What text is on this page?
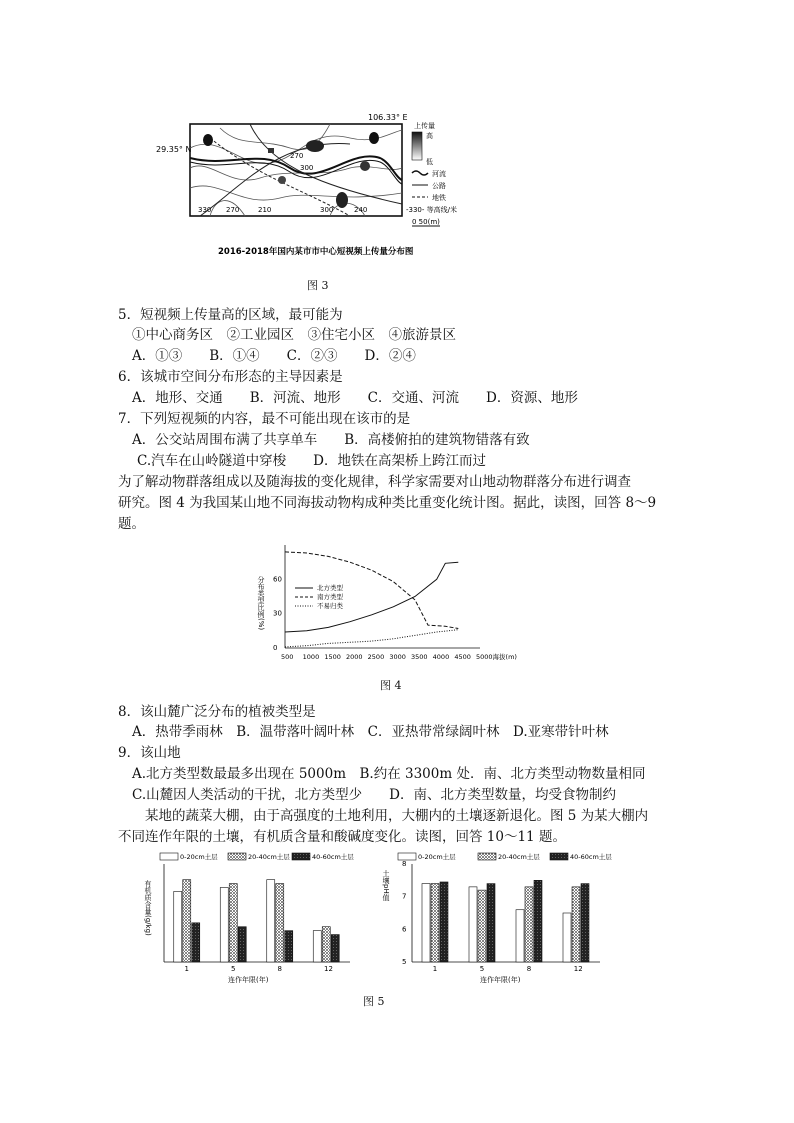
106.33° E
29.35° N
270
300
330 270	210	300	240
上传量
高
低
河流
公路
地铁
-330- 等高线/米
0 50(m)
2016-2018年国内某市市中心短视频上传量分布图
图 3
5．短视频上传量高的区域，最可能为
①中心商务区　②工业园区　③住宅小区　④旅游景区
A．①③　　B．①④　　C．②③　　D．②④
6．该城市空间分布形态的主导因素是
A．地形、交通　　B．河流、地形　　C．交通、河流　　D．资源、地形
7．下列短视频的内容，最不可能出现在该市的是
A．公交站周围布满了共享单车　　B．高楼俯拍的建筑物错落有致
C.汽车在山岭隧道中穿梭　　D．地铁在高架桥上跨江而过
为了解动物群落组成以及随海拔的变化规律，科学家需要对山地动物群落分布进行调查
研究。图 4 为我国某山地不同海拔动物构成种类比重变化统计图。据此，读图，回答 8～9
题。
分布类型比例(%) 60
30
0
500 1000 1500 2000 2500 3000 3500 4000 4500 5000海拔(m)
北方类型
南方类型
不易归类
图 4
8．该山麓广泛分布的植被类型是
A．热带季雨林　B．温带落叶阔叶林　C．亚热带常绿阔叶林　D.亚寒带针叶林
9．该山地
A.北方类型数最最多出现在 5000m　B.约在 3300m 处．南、北方类型动物数量相同
C.山麓因人类活动的干扰，北方类型少　　D．南、北方类型数量，均受食物制约
某地的蔬菜大棚，由于高强度的土地利用，大棚内的土壤逐新退化。图 5 为某大棚内
不同连作年限的土壤，有机质含量和酸碱度变化。读图，回答 10～11 题。
0-20cm土层	20-40cm土层	40-60cm土层	0-20cm土层	20-40cm土层	40-60cm土层
有机质含量(g/kg)	土壤pH值
1	5	8	12	1	5	8	12
8
7
6
5
连作年限(年)	连作年限(年)
图 5
